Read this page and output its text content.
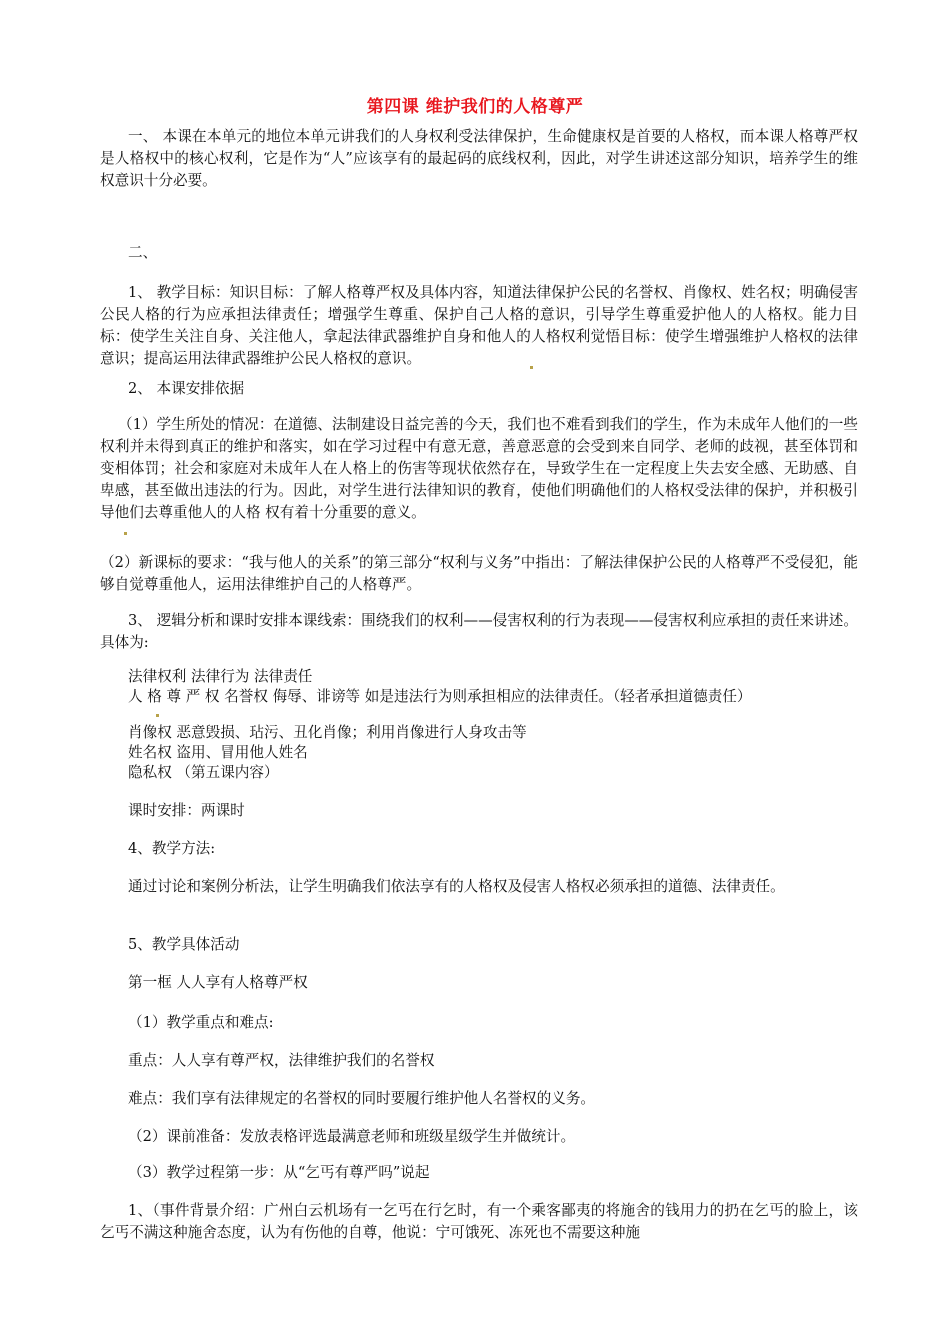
第四课 维护我们的人格尊严

一、 本课在本单元的地位本单元讲我们的人身权利受法律保护，生命健康权是首要的人格权，而本课人格尊严权是人格权中的核心权利，它是作为“人”应该享有的最起码的底线权利，因此，对学生讲述这部分知识，培养学生的维权意识十分必要。

二、

1、 教学目标：知识目标：了解人格尊严权及具体内容，知道法律保护公民的名誉权、肖像权、姓名权；明确侵害公民人格的行为应承担法律责任；增强学生尊重、保护自己人格的意识，引导学生尊重爱护他人的人格权。能力目标：使学生关注自身、关注他人，拿起法律武器维护自身和他人的人格权利觉悟目标：使学生增强维护人格权的法律意识；提高运用法律武器维护公民人格权的意识。

2、 本课安排依据

（1）学生所处的情况：在道德、法制建设日益完善的今天，我们也不难看到我们的学生，作为未成年人他们的一些权利并未得到真正的维护和落实，如在学习过程中有意无意，善意恶意的会受到来自同学、老师的歧视，甚至体罚和变相体罚；社会和家庭对未成年人在人格上的伤害等现状依然存在，导致学生在一定程度上失去安全感、无助感、自卑感，甚至做出违法的行为。因此，对学生进行法律知识的教育，使他们明确他们的人格权受法律的保护，并积极引导他们去尊重他人的人格 权有着十分重要的意义。

（2）新课标的要求：“我与他人的关系”的第三部分“权利与义务”中指出：了解法律保护公民的人格尊严不受侵犯，能够自觉尊重他人，运用法律维护自己的人格尊严。

3、 逻辑分析和课时安排本课线索：围绕我们的权利——侵害权利的行为表现——侵害权利应承担的责任来讲述。具体为:

法律权利 法律行为 法律责任

人 格 尊 严 权 名誉权 侮辱、诽谤等 如是违法行为则承担相应的法律责任。（轻者承担道德责任）

肖像权 恶意毁损、玷污、丑化肖像；利用肖像进行人身攻击等

姓名权 盗用、冒用他人姓名

隐私权 （第五课内容）

课时安排：两课时

4、教学方法:

通过讨论和案例分析法，让学生明确我们依法享有的人格权及侵害人格权必须承担的道德、法律责任。

5、教学具体活动

第一框 人人享有人格尊严权

（1）教学重点和难点:

重点：人人享有尊严权，法律维护我们的名誉权

难点：我们享有法律规定的名誉权的同时要履行维护他人名誉权的义务。

（2）课前准备：发放表格评选最满意老师和班级星级学生并做统计。

（3）教学过程第一步：从“乞丐有尊严吗”说起

1、（事件背景介绍：广州白云机场有一乞丐在行乞时，有一个乘客鄙夷的将施舍的钱用力的扔在乞丐的脸上，该乞丐不满这种施舍态度，认为有伤他的自尊，他说：宁可饿死、冻死也不需要这种施
